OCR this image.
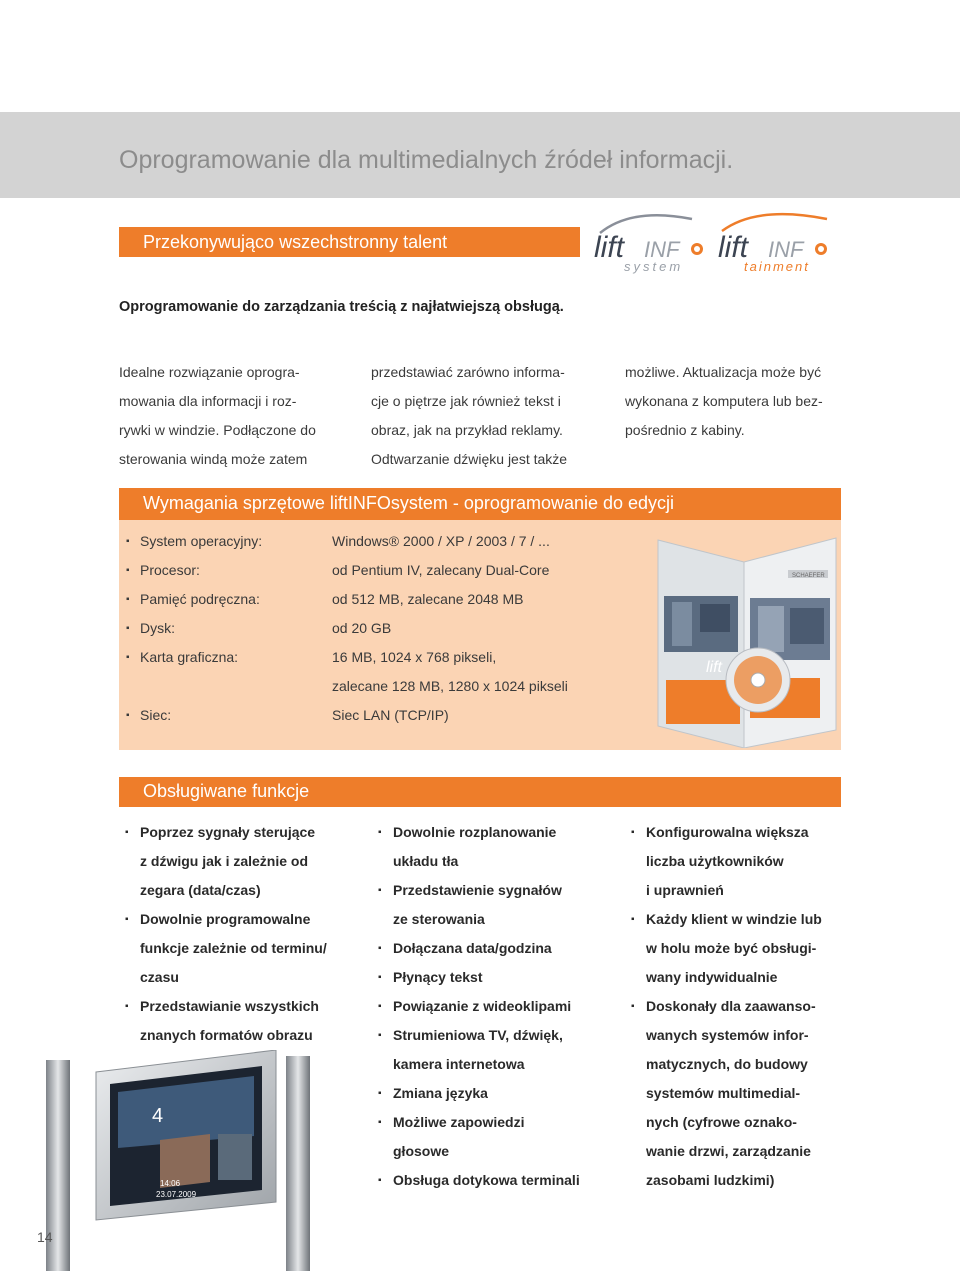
Oprogramowanie dla multimedialnych źródeł informacji.
Przekonywująco wszechstronny talent	lift INF
system
lift INF
tainment
Oprogramowanie do zarządzania treścią z najłatwiejszą obsługą.
Idealne rozwiązanie oprogra-
mowania dla informacji i roz-
rywki w windzie. Podłączone do
sterowania windą może zatem
przedstawiać zarówno informa-
cje o piętrze jak również tekst i
obraz, jak na przykład reklamy.
Odtwarzanie dźwięku jest także
możliwe. Aktualizacja może być
wykonana z komputera lub bez-
pośrednio z kabiny.
Wymagania sprzętowe liftINFOsystem - oprogramowanie do edycji
▪ System operacyjny:	Windows® 2000 / XP / 2003 / 7 / ...
▪ Procesor:	od Pentium IV, zalecany Dual-Core
▪ Pamięć podręczna:	od 512 MB, zalecane 2048 MB
▪ Dysk:	od 20 GB
▪ Karta graficzna:	16 MB, 1024 x 768 pikseli,
zalecane 128 MB, 1280 x 1024 pikseli
▪ Siec:	Siec LAN (TCP/IP)
SCHAEFER
lift
Obsługiwane funkcje
▪ Poprzez sygnały sterujące
z dźwigu jak i zależnie od
zegara (data/czas)
▪ Dowolnie programowalne
funkcje zależnie od terminu/
czasu
▪ Przedstawianie wszystkich
znanych formatów obrazu
▪ Dowolnie rozplanowanie
układu tła
▪ Przedstawienie sygnałów
ze sterowania
▪ Dołączana data/godzina
▪ Płynący tekst
▪ Powiązanie z wideoklipami
▪ Strumieniowa TV, dźwięk,
kamera internetowa
▪ Zmiana języka
▪ Możliwe zapowiedzi
głosowe
▪ Obsługa dotykowa terminali
▪ Konfigurowalna większa
liczba użytkowników
i uprawnień
▪ Każdy klient w windzie lub
w holu może być obsługi-
wany indywidualnie
▪ Doskonały dla zaawanso-
wanych systemów infor-
matycznych, do budowy
systemów multimedial-
nych (cyfrowe oznako-
wanie drzwi, zarządzanie
zasobami ludzkimi)
4
14:06
23.07.2009
14
